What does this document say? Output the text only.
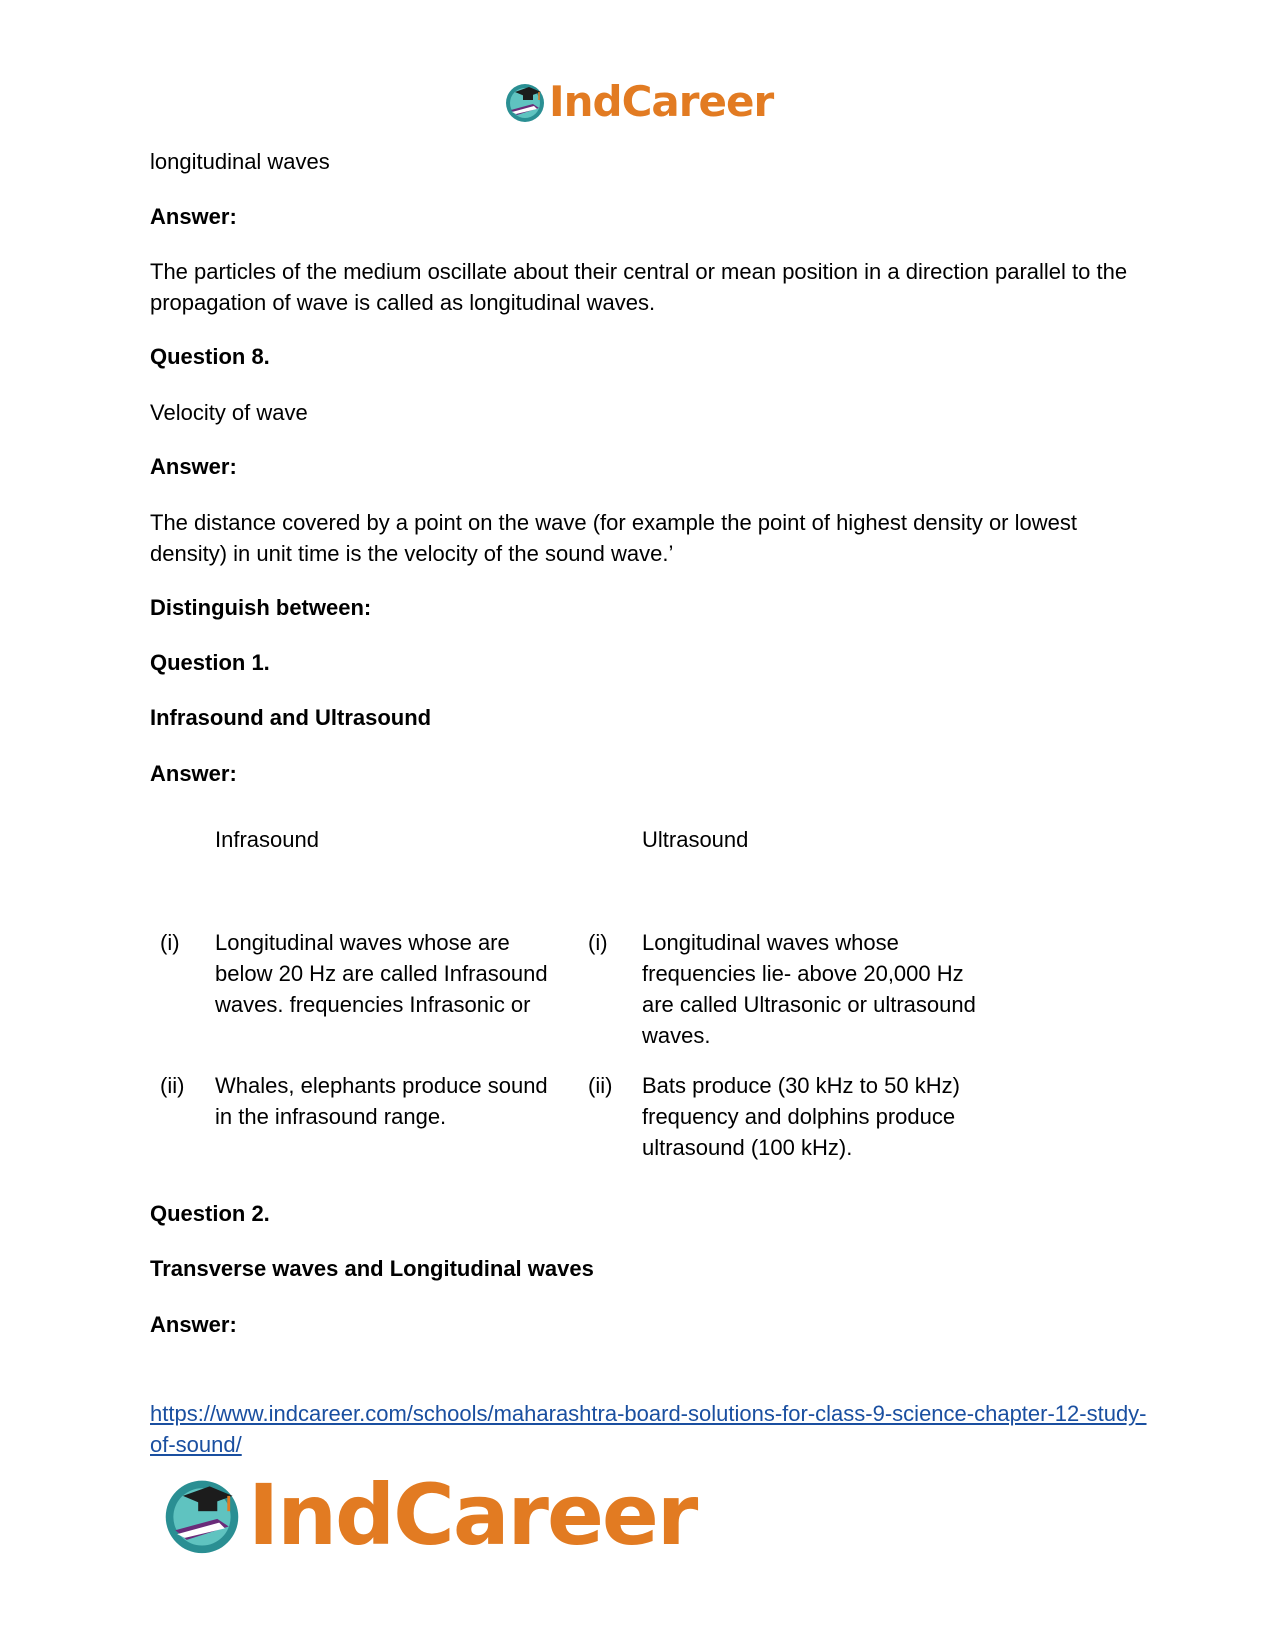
IndCareer
longitudinal waves
Answer:
The particles of the medium oscillate about their central or mean position in a direction parallel to the propagation of wave is called as longitudinal waves.
Question 8.
Velocity of wave
Answer:
The distance covered by a point on the wave (for example the point of highest density or lowest density) in unit time is the velocity of the sound wave.’
Distinguish between:
Question 1.
Infrasound and Ultrasound
Answer:
Infrasound	Ultrasound
(i) Longitudinal waves whose are below 20 Hz are called Infrasound waves. frequencies Infrasonic or
(i) Longitudinal waves whose frequencies lie- above 20,000 Hz are called Ultrasonic or ultrasound waves.
(ii) Whales, elephants produce sound in the infrasound range.
(ii) Bats produce (30 kHz to 50 kHz) frequency and dolphins produce ultrasound (100 kHz).
Question 2.
Transverse waves and Longitudinal waves
Answer:
https://www.indcareer.com/schools/maharashtra-board-solutions-for-class-9-science-chapter-12-study-of-sound/
IndCareer
